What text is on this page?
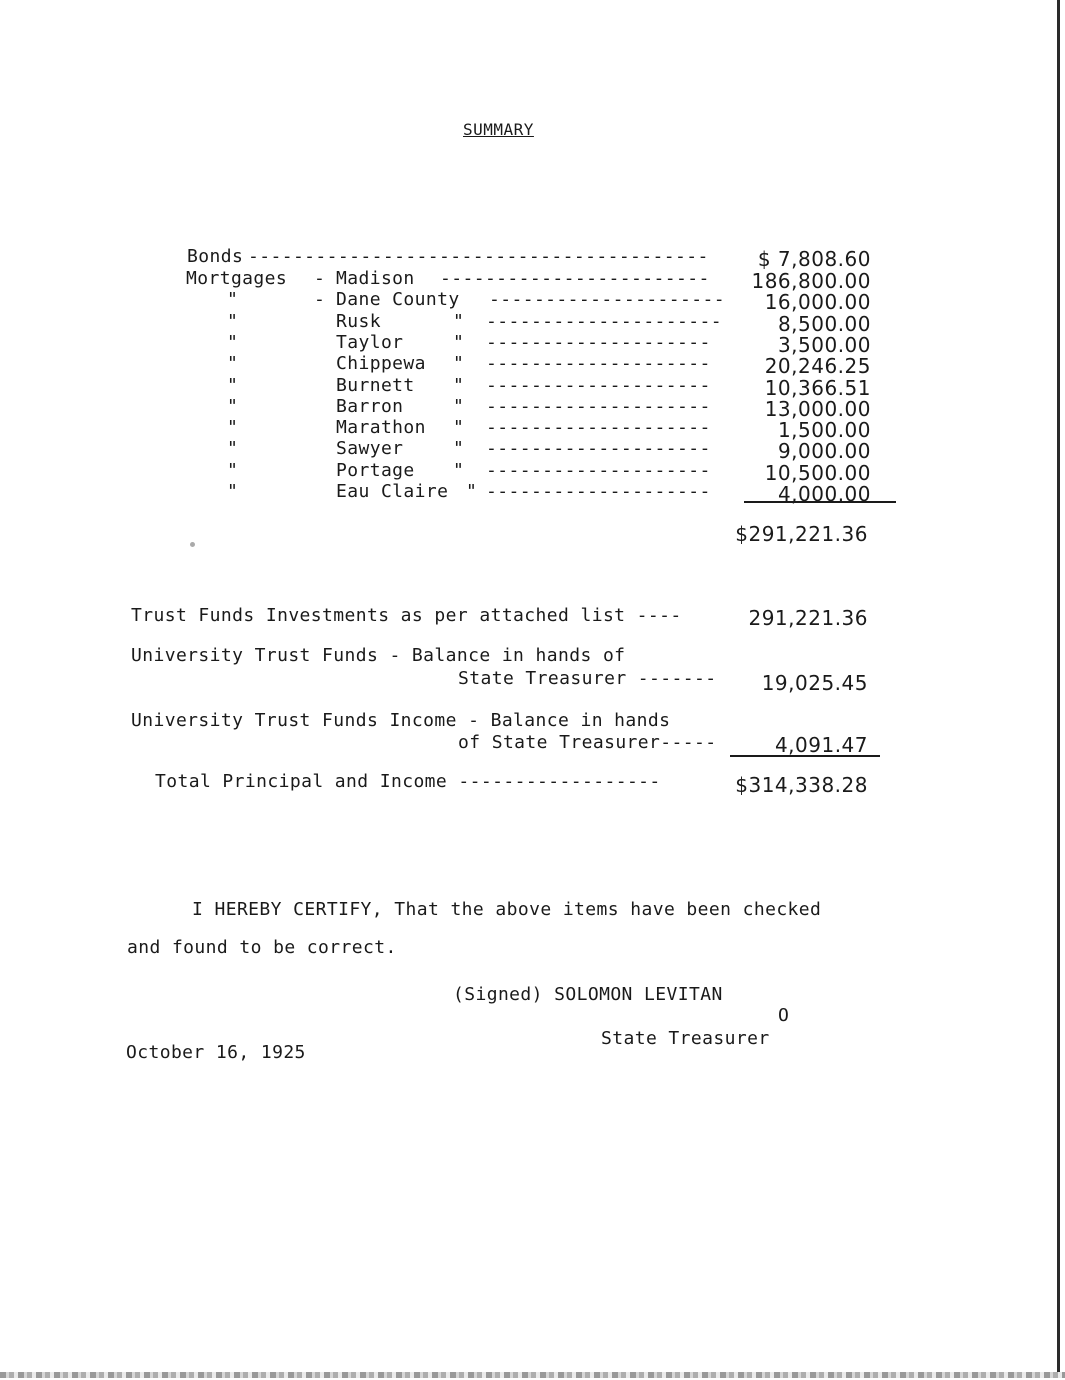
SUMMARY
Bonds ----------------------------------------- $ 7,808.60
Mortgages - Madison ------------------------ 186,800.00
"	- Dane County --------------------- 16,000.00
"	Rusk	" ---------------------	8,500.00
"	Taylor	" --------------------	3,500.00
"	Chippewa " --------------------	20,246.25
"	Burnett " --------------------	10,366.51
"	Barron	" --------------------	13,000.00
"	Marathon " --------------------	1,500.00
"	Sawyer	" --------------------	9,000.00
"	Portage " --------------------	10,500.00
"	Eau Claire " --------------------	4,000.00
$291,221.36
Trust Funds Investments as per attached list ----	291,221.36
University Trust Funds - Balance in hands of
State Treasurer ------- 19,025.45
University Trust Funds Income - Balance in hands
of State Treasurer-----	4,091.47
Total Principal and Income ------------------	$314,338.28
I HEREBY CERTIFY, That the above items have been checked
and found to be correct.
(Signed) SOLOMON LEVITAN
O
State Treasurer
October 16, 1925
